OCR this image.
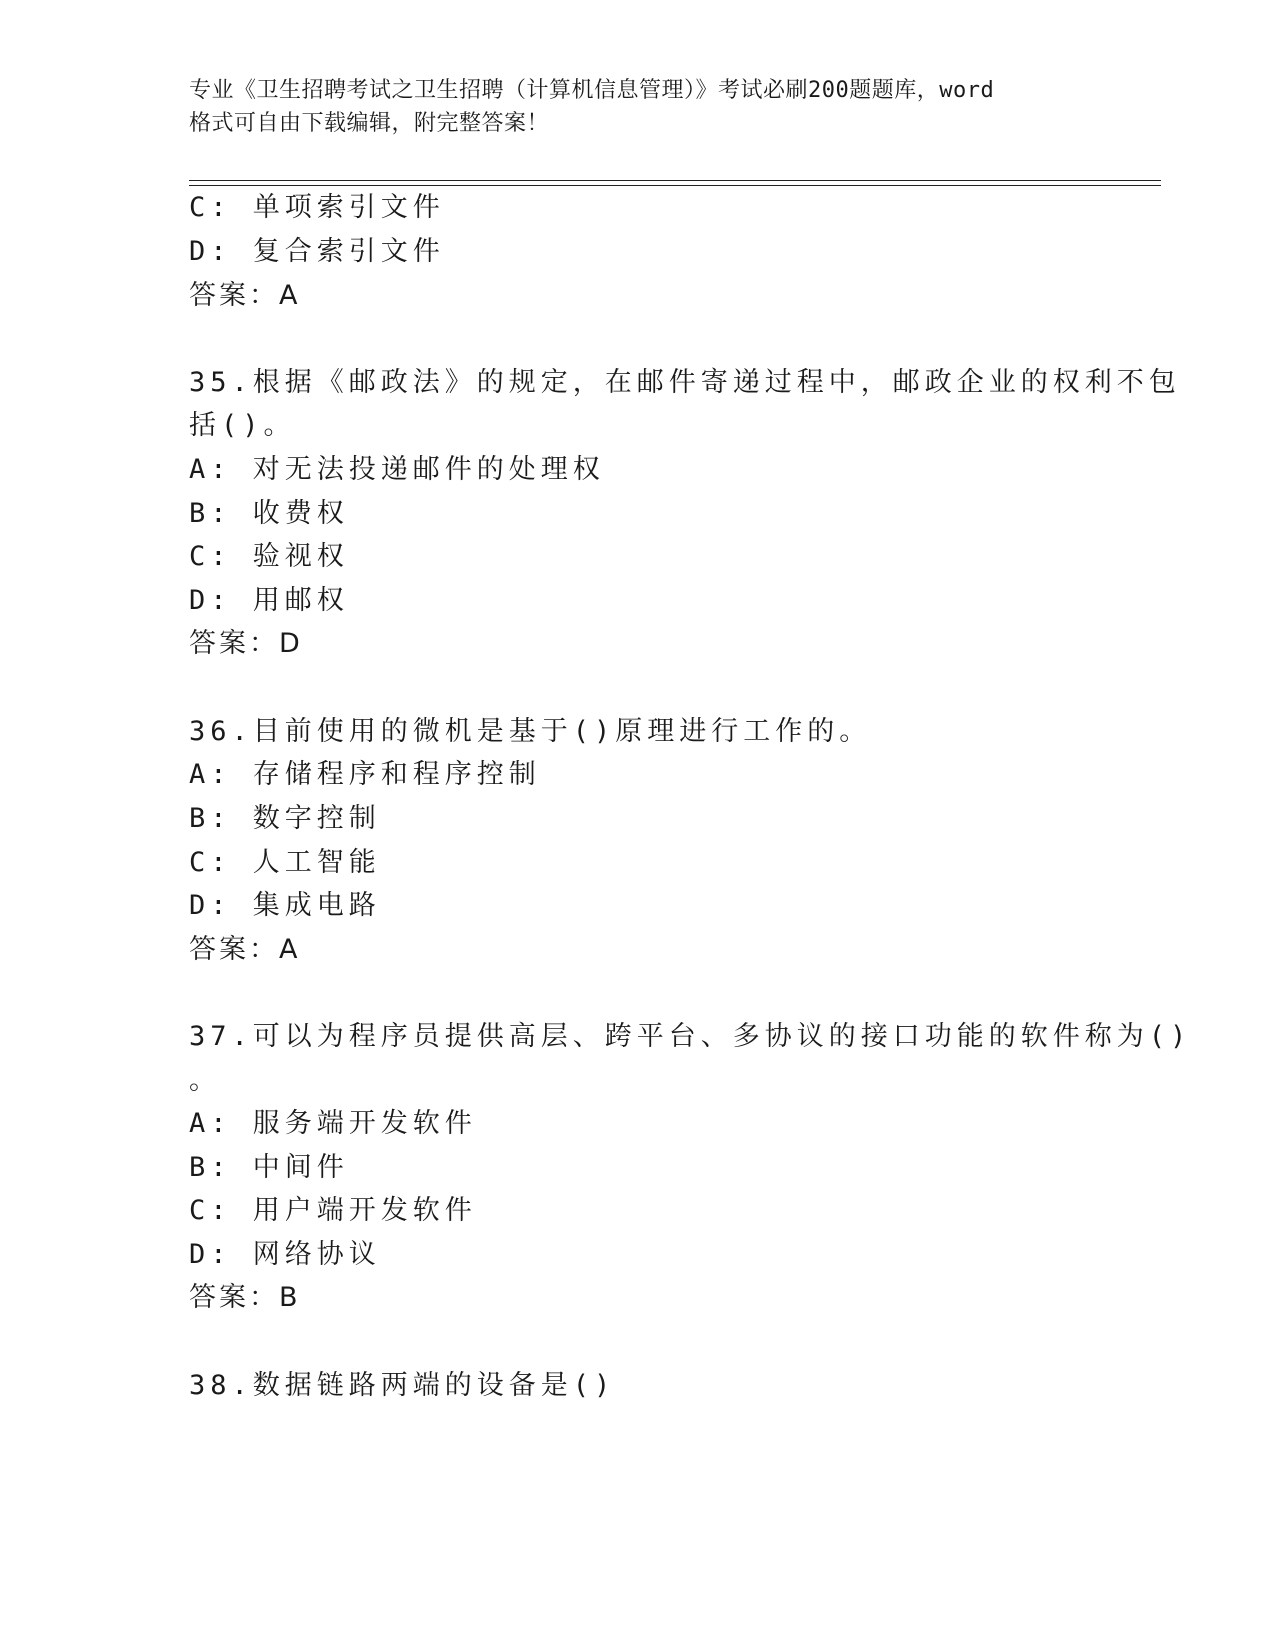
专业《卫生招聘考试之卫生招聘（计算机信息管理）》考试必刷200题题库，word
格式可自由下载编辑，附完整答案！
C: 单项索引文件
D: 复合索引文件
答案：A
35.根据《邮政法》的规定，在邮件寄递过程中，邮政企业的权利不包
括()。
A: 对无法投递邮件的处理权
B: 收费权
C: 验视权
D: 用邮权
答案：D
36.目前使用的微机是基于()原理进行工作的。
A: 存储程序和程序控制
B: 数字控制
C: 人工智能
D: 集成电路
答案：A
37.可以为程序员提供高层、跨平台、多协议的接口功能的软件称为()
。
A: 服务端开发软件
B: 中间件
C: 用户端开发软件
D: 网络协议
答案：B
38.数据链路两端的设备是()
